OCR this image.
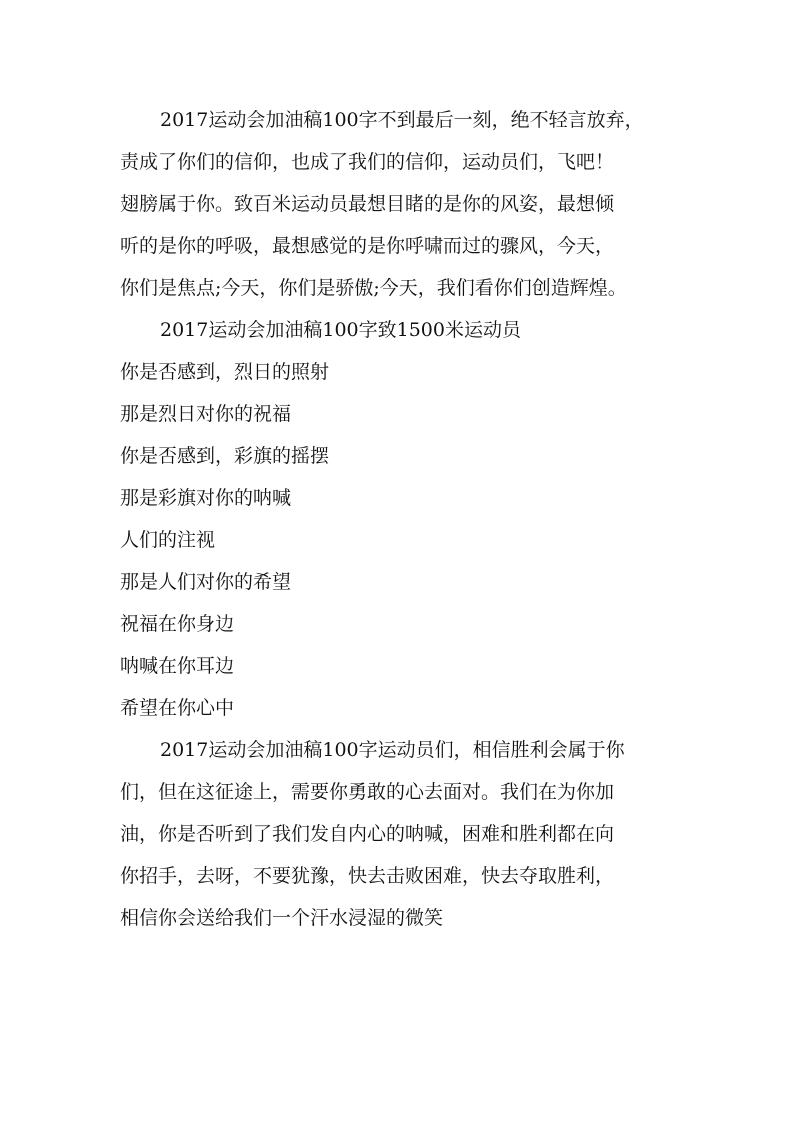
2017运动会加油稿100字不到最后一刻，绝不轻言放弃，
责成了你们的信仰，也成了我们的信仰，运动员们，飞吧！
翅膀属于你。致百米运动员最想目睹的是你的风姿，最想倾
听的是你的呼吸，最想感觉的是你呼啸而过的骤风，今天，
你们是焦点;今天，你们是骄傲;今天，我们看你们创造辉煌。
2017运动会加油稿100字致1500米运动员
你是否感到，烈日的照射
那是烈日对你的祝福
你是否感到，彩旗的摇摆
那是彩旗对你的呐喊
人们的注视
那是人们对你的希望
祝福在你身边
呐喊在你耳边
希望在你心中
2017运动会加油稿100字运动员们，相信胜利会属于你
们，但在这征途上，需要你勇敢的心去面对。我们在为你加
油，你是否听到了我们发自内心的呐喊，困难和胜利都在向
你招手，去呀，不要犹豫，快去击败困难，快去夺取胜利，
相信你会送给我们一个汗水浸湿的微笑
